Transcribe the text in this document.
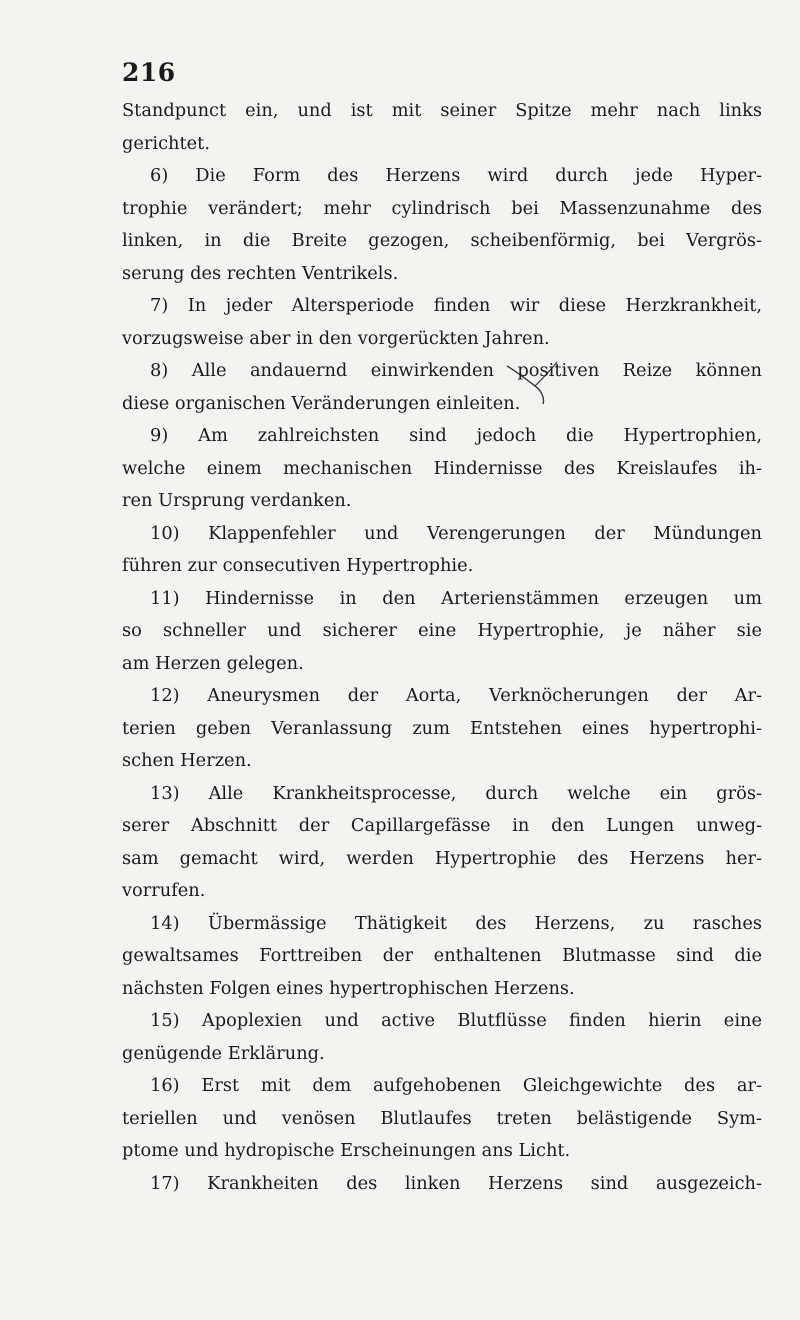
216

Standpunct ein, und ist mit seiner Spitze mehr nach links
gerichtet.

6) Die Form des Herzens wird durch jede Hyper-
trophie verändert; mehr cylindrisch bei Massenzunahme des
linken, in die Breite gezogen, scheibenförmig, bei Vergrös-
serung des rechten Ventrikels.

7) In jeder Altersperiode finden wir diese Herzkrankheit,
vorzugsweise aber in den vorgerückten Jahren.

8) Alle andauernd einwirkenden positiven Reize können
diese organischen Veränderungen einleiten.

9) Am zahlreichsten sind jedoch die Hypertrophien,
welche einem mechanischen Hindernisse des Kreislaufes ih-
ren Ursprung verdanken.

10) Klappenfehler und Verengerungen der Mündungen
führen zur consecutiven Hypertrophie.

11) Hindernisse in den Arterienstämmen erzeugen um
so schneller und sicherer eine Hypertrophie, je näher sie
am Herzen gelegen.

12) Aneurysmen der Aorta, Verknöcherungen der Ar-
terien geben Veranlassung zum Entstehen eines hypertrophi-
schen Herzen.

13) Alle Krankheitsprocesse, durch welche ein grös-
serer Abschnitt der Capillargefässe in den Lungen unweg-
sam gemacht wird, werden Hypertrophie des Herzens her-
vorrufen.

14) Übermässige Thätigkeit des Herzens, zu rasches
gewaltsames Forttreiben der enthaltenen Blutmasse sind die
nächsten Folgen eines hypertrophischen Herzens.

15) Apoplexien und active Blutflüsse finden hierin eine
genügende Erklärung.

16) Erst mit dem aufgehobenen Gleichgewichte des ar-
teriellen und venösen Blutlaufes treten belästigende Sym-
ptome und hydropische Erscheinungen ans Licht.

17) Krankheiten des linken Herzens sind ausgezeich-
